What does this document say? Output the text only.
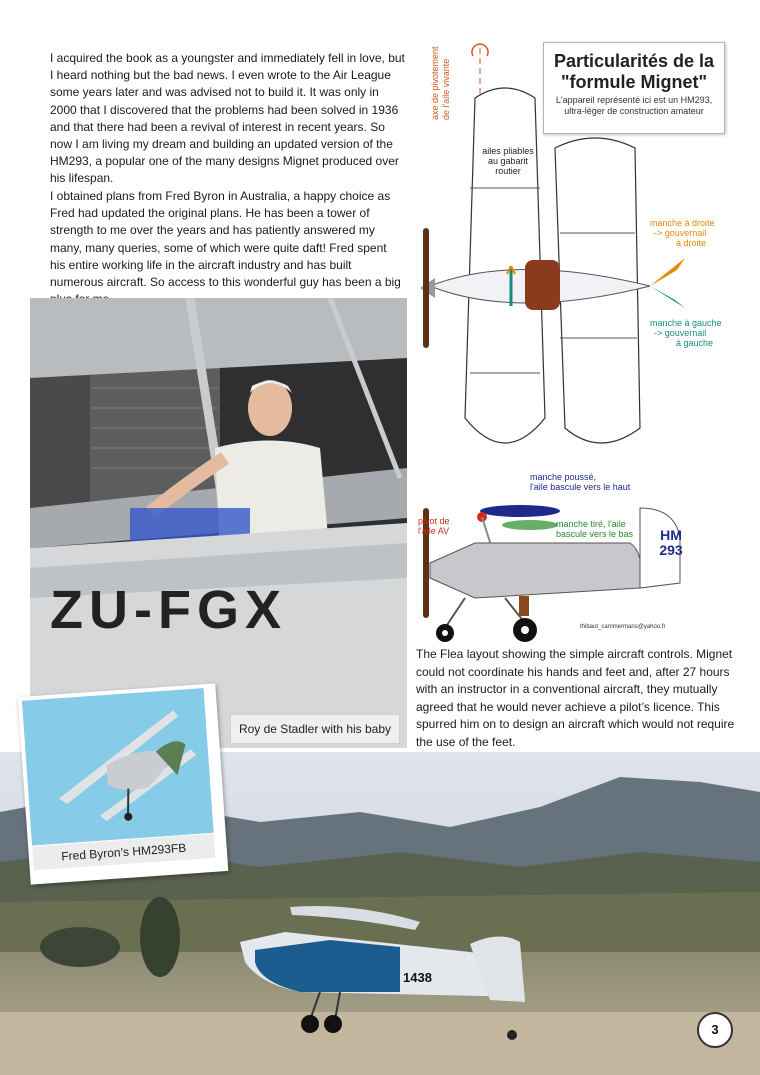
I acquired the book as a youngster and immediately fell in love, but I heard nothing but the bad news. I even wrote to the Air League some years later and was advised not to build it. It was only in 2000 that I discovered that the problems had been solved in 1936 and that there had been a revival of interest in recent years. So now I am living my dream and building an updated version of the HM293, a popular one of the many designs Mignet produced over his lifespan.

I obtained plans from Fred Byron in Australia, a happy choice as Fred had updated the original plans. He has been a tower of strength to me over the years and has patiently answered my many, many queries, some of which were quite daft! Fred spent his entire working life in the aircraft industry and has built numerous aircraft. So access to this wonderful guy has been a big

ZU-FGX
Roy de Stadler with his baby
Particularités de la
"formule Mignet"
L'appareil représenté ici est un HM293,
ultra-léger de construction amateur
axe de pivotement de l'aile vivante
ailes pliables
au gabarit
routier
manche à droite
-> gouvernail
à droite
manche à gauche
-> gouvernail
à gauche
manche poussé,
l'aile bascule vers le haut
manche tiré, l'aile
bascule vers le bas
pivot de
l'aile AV	HM
293
thibaut_cammermans@yahoo.fr

The Flea layout showing the simple aircraft controls. Mignet could not coordinate his hands and feet and, after 27 hours with an instructor in a conventional aircraft, they mutually agreed that he would never achieve a pilot’s licence. This spurred him on to design an aircraft which would not require the use of the feet.

1438
Fred Byron’s HM293FB
3
